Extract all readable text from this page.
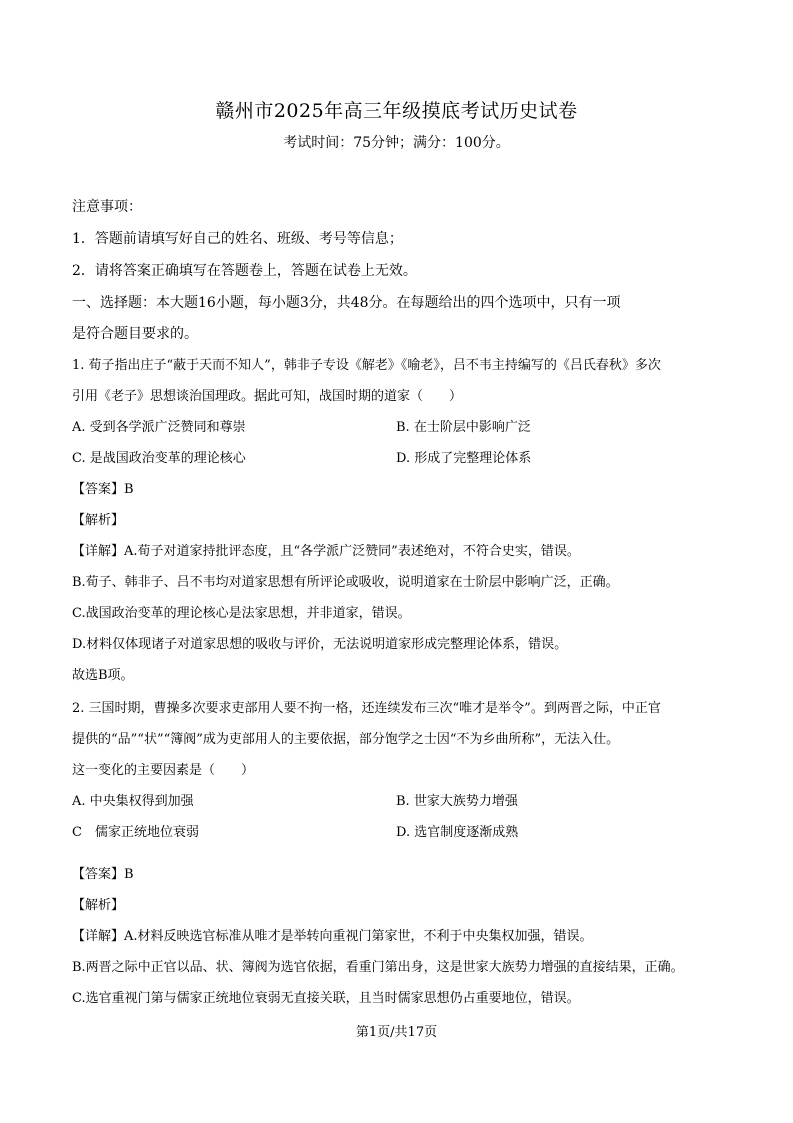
赣州市2025年高三年级摸底考试历史试卷
考试时间：75分钟；满分：100分。
注意事项：
1．答题前请填写好自己的姓名、班级、考号等信息；
2．请将答案正确填写在答题卷上，答题在试卷上无效。
一、选择题：本大题16小题，每小题3分，共48分。在每题给出的四个选项中，只有一项
是符合题目要求的。
1. 荀子指出庄子“蔽于天而不知人”，韩非子专设《解老》《喻老》，吕不韦主持编写的《吕氏春秋》多次
引用《老子》思想谈治国理政。据此可知，战国时期的道家（　　）
A. 受到各学派广泛赞同和尊崇	B. 在士阶层中影响广泛
C. 是战国政治变革的理论核心	D. 形成了完整理论体系
【答案】B
【解析】
【详解】A.荀子对道家持批评态度，且“各学派广泛赞同”表述绝对，不符合史实，错误。
B.荀子、韩非子、吕不韦均对道家思想有所评论或吸收，说明道家在士阶层中影响广泛，正确。
C.战国政治变革的理论核心是法家思想，并非道家，错误。
D.材料仅体现诸子对道家思想的吸收与评价，无法说明道家形成完整理论体系，错误。
故选B项。
2. 三国时期，曹操多次要求吏部用人要不拘一格，还连续发布三次“唯才是举令”。到两晋之际，中正官
提供的“品”“状”“簿阀”成为吏部用人的主要依据，部分饱学之士因“不为乡曲所称”，无法入仕。
这一变化的主要因素是（　　）
A. 中央集权得到加强	B. 世家大族势力增强
C　儒家正统地位衰弱	D. 选官制度逐渐成熟
【答案】B
【解析】
【详解】A.材料反映选官标准从唯才是举转向重视门第家世，不利于中央集权加强，错误。
B.两晋之际中正官以品、状、簿阀为选官依据，看重门第出身，这是世家大族势力增强的直接结果，正确。
C.选官重视门第与儒家正统地位衰弱无直接关联，且当时儒家思想仍占重要地位，错误。
第1页/共17页
